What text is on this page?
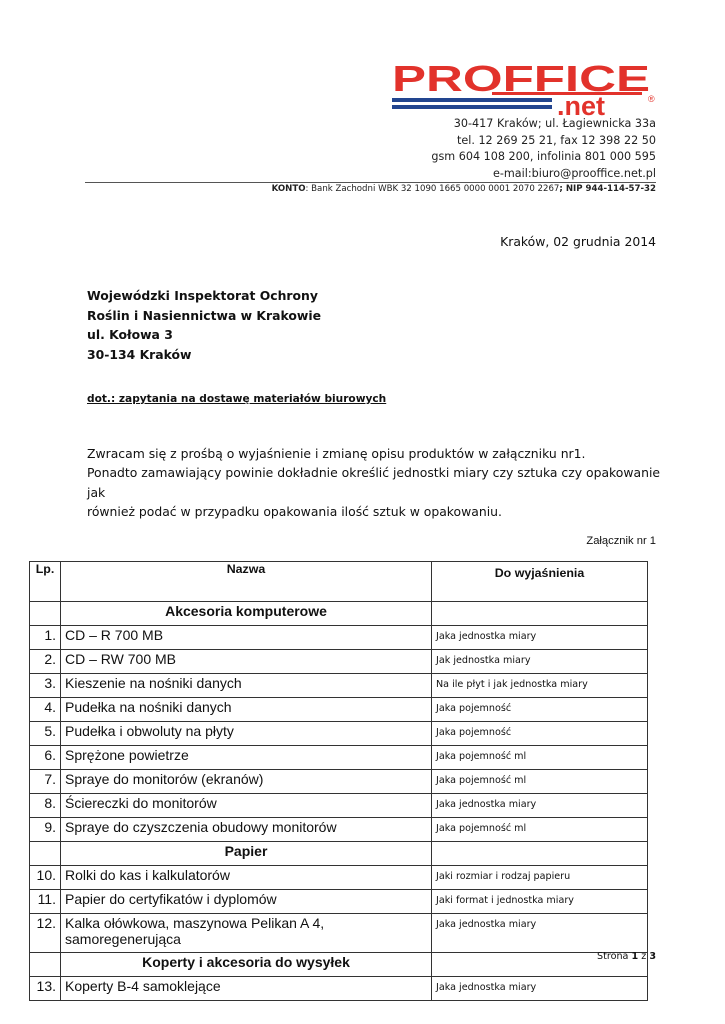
PROFFICE
.net	®
30-417 Kraków; ul. Łagiewnicka 33a
tel. 12 269 25 21, fax 12 398 22 50
gsm 604 108 200, infolinia 801 000 595
e-mail:biuro@prooffice.net.pl
KONTO: Bank Zachodni WBK 32 1090 1665 0000 0001 2070 2267; NIP 944-114-57-32
Kraków, 02 grudnia 2014
Wojewódzki Inspektorat Ochrony
Roślin i Nasiennictwa w Krakowie
ul. Kołowa 3
30-134 Kraków
dot.: zapytania na dostawę materiałów biurowych
Zwracam się z prośbą o wyjaśnienie i zmianę opisu produktów w załączniku nr1.
Ponadto zamawiający powinie dokładnie określić jednostki miary czy sztuka czy opakowanie jak
również podać w przypadku opakowania ilość sztuk w opakowaniu.
Załącznik nr 1
Lp.	Nazwa	Do wyjaśnienia
	Akcesoria komputerowe	
1.	CD – R 700 MB	Jaka jednostka miary
2.	CD – RW 700 MB	Jak jednostka miary
3.	Kieszenie na nośniki danych	Na ile płyt i jak jednostka miary
4.	Pudełka na nośniki danych	Jaka pojemność
5.	Pudełka i obwoluty na płyty	Jaka pojemność
6.	Sprężone powietrze	Jaka pojemność ml
7.	Spraye do monitorów (ekranów)	Jaka pojemność ml
8.	Ściereczki do monitorów	Jaka jednostka miary
9.	Spraye do czyszczenia obudowy monitorów	Jaka pojemność ml
	Papier	
10.	Rolki do kas i kalkulatorów	Jaki rozmiar i rodzaj papieru
11.	Papier do certyfikatów i dyplomów	Jaki format i jednostka miary
12.	Kalka ołówkowa, maszynowa Pelikan A 4, samoregenerująca	Jaka jednostka miary
	Koperty i akcesoria do wysyłek	
13.	Koperty B-4 samoklejące	Jaka jednostka miary
Strona 1 z 3
